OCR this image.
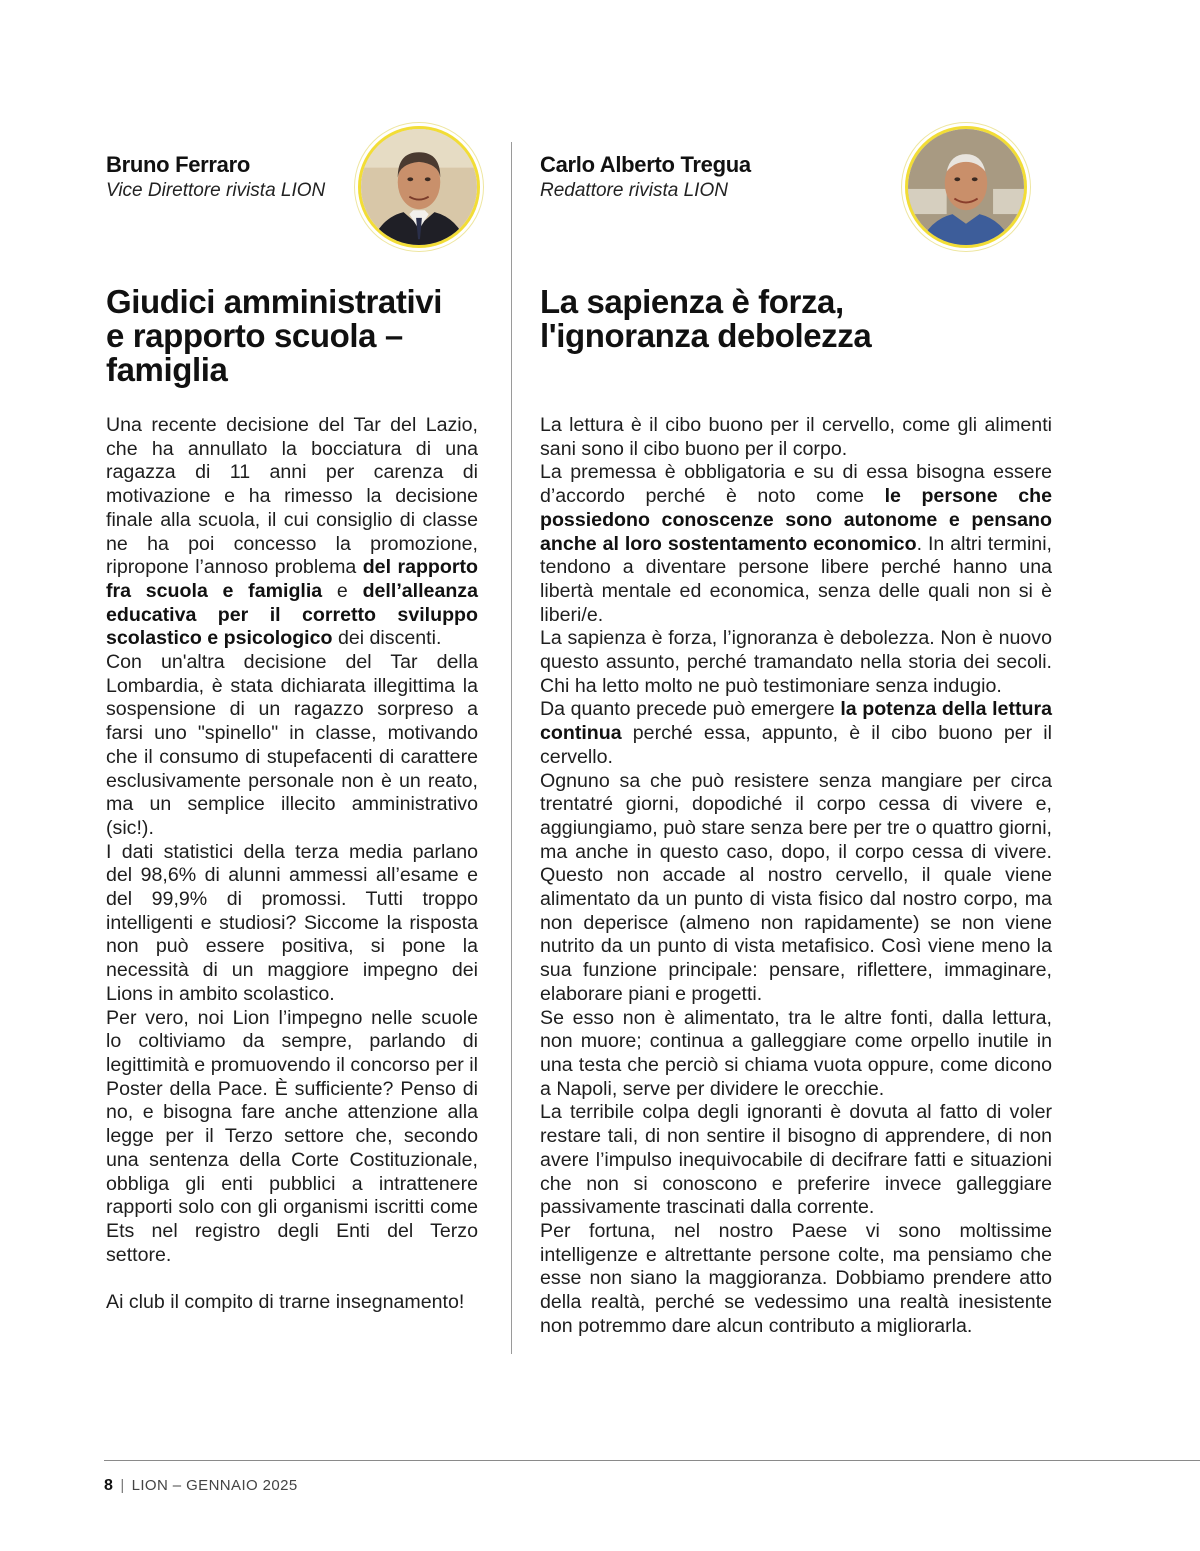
Bruno Ferraro
Vice Direttore rivista LION
Giudici amministrativi
e rapporto scuola –
famiglia

Una recente decisione del Tar del Lazio, che ha annullato la bocciatura di una ragazza di 11 anni per carenza di motivazione e ha rimesso la decisione finale alla scuola, il cui consiglio di classe ne ha poi concesso la promozione, ripropone l’annoso problema del rapporto fra scuola e famiglia e dell’alleanza educativa per il corretto sviluppo scolastico e psicologico dei discenti.

Con un'altra decisione del Tar della Lombardia, è stata dichiarata illegittima la sospensione di un ragazzo sorpreso a farsi uno "spinello" in classe, motivando che il consumo di stupefacenti di carattere esclusivamente personale non è un reato, ma un semplice illecito amministrativo (sic!).

I dati statistici della terza media parlano del 98,6% di alunni ammessi all’esame e del 99,9% di promossi. Tutti troppo intelligenti e studiosi? Siccome la risposta non può essere positiva, si pone la necessità di un maggiore impegno dei Lions in ambito scolastico.

Per vero, noi Lion l’impegno nelle scuole lo coltiviamo da sempre, parlando di legittimità e promuovendo il concorso per il Poster della Pace. È sufficiente? Penso di no, e bisogna fare anche attenzione alla legge per il Terzo settore che, secondo una sentenza della Corte Costituzionale, obbliga gli enti pubblici a intrattenere rapporti solo con gli organismi iscritti come Ets nel registro degli Enti del Terzo settore.

Ai club il compito di trarne insegnamento!

Carlo Alberto Tregua
Redattore rivista LION
La sapienza è forza,
l'ignoranza debolezza

La lettura è il cibo buono per il cervello, come gli alimenti sani sono il cibo buono per il corpo.

La premessa è obbligatoria e su di essa bisogna essere d’accordo perché è noto come le persone che possiedono conoscenze sono autonome e pensano anche al loro sostentamento economico. In altri termini, tendono a diventare persone libere perché hanno una libertà mentale ed economica, senza delle quali non si è liberi/e.

La sapienza è forza, l’ignoranza è debolezza. Non è nuovo questo assunto, perché tramandato nella storia dei secoli. Chi ha letto molto ne può testimoniare senza indugio.

Da quanto precede può emergere la potenza della lettura continua perché essa, appunto, è il cibo buono per il cervello.

Ognuno sa che può resistere senza mangiare per circa trentatré giorni, dopodiché il corpo cessa di vivere e, aggiungiamo, può stare senza bere per tre o quattro giorni, ma anche in questo caso, dopo, il corpo cessa di vivere. Questo non accade al nostro cervello, il quale viene alimentato da un punto di vista fisico dal nostro corpo, ma non deperisce (almeno non rapidamente) se non viene nutrito da un punto di vista metafisico. Così viene meno la sua funzione principale: pensare, riflettere, immaginare, elaborare piani e progetti.

Se esso non è alimentato, tra le altre fonti, dalla lettura, non muore; continua a galleggiare come orpello inutile in una testa che perciò si chiama vuota oppure, come dicono a Napoli, serve per dividere le orecchie.

La terribile colpa degli ignoranti è dovuta al fatto di voler restare tali, di non sentire il bisogno di apprendere, di non avere l’impulso inequivocabile di decifrare fatti e situazioni che non si conoscono e preferire invece galleggiare passivamente trascinati dalla corrente.

Per fortuna, nel nostro Paese vi sono moltissime intelligenze e altrettante persone colte, ma pensiamo che esse non siano la maggioranza. Dobbiamo prendere atto della realtà, perché se vedessimo una realtà inesistente non potremmo dare alcun contributo a migliorarla.

8 | LION – GENNAIO 2025
